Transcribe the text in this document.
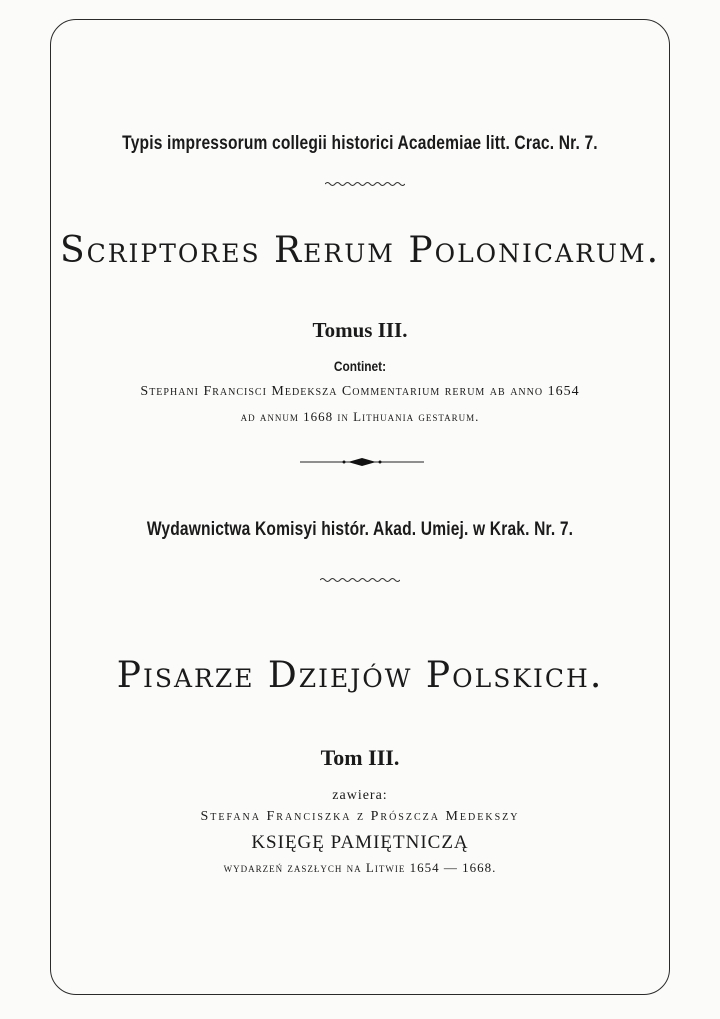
Typis impressorum collegii historici Academiae litt. Crac. Nr. 7.
Scriptores Rerum Polonicarum.
Tomus III.
Continet:
Stephani Francisci Medeksza Commentarium rerum ab anno 1654
ad annum 1668 in Lithuania gestarum.
Wydawnictwa Komisyi histór. Akad. Umiej. w Krak. Nr. 7.
Pisarze Dziejów Polskich.
Tom III.
zawiera:
Stefana Franciszka z Prószcza Medekszy
KSIĘGĘ PAMIĘTNICZĄ
wydarzeń zaszłych na Litwie 1654 — 1668.
